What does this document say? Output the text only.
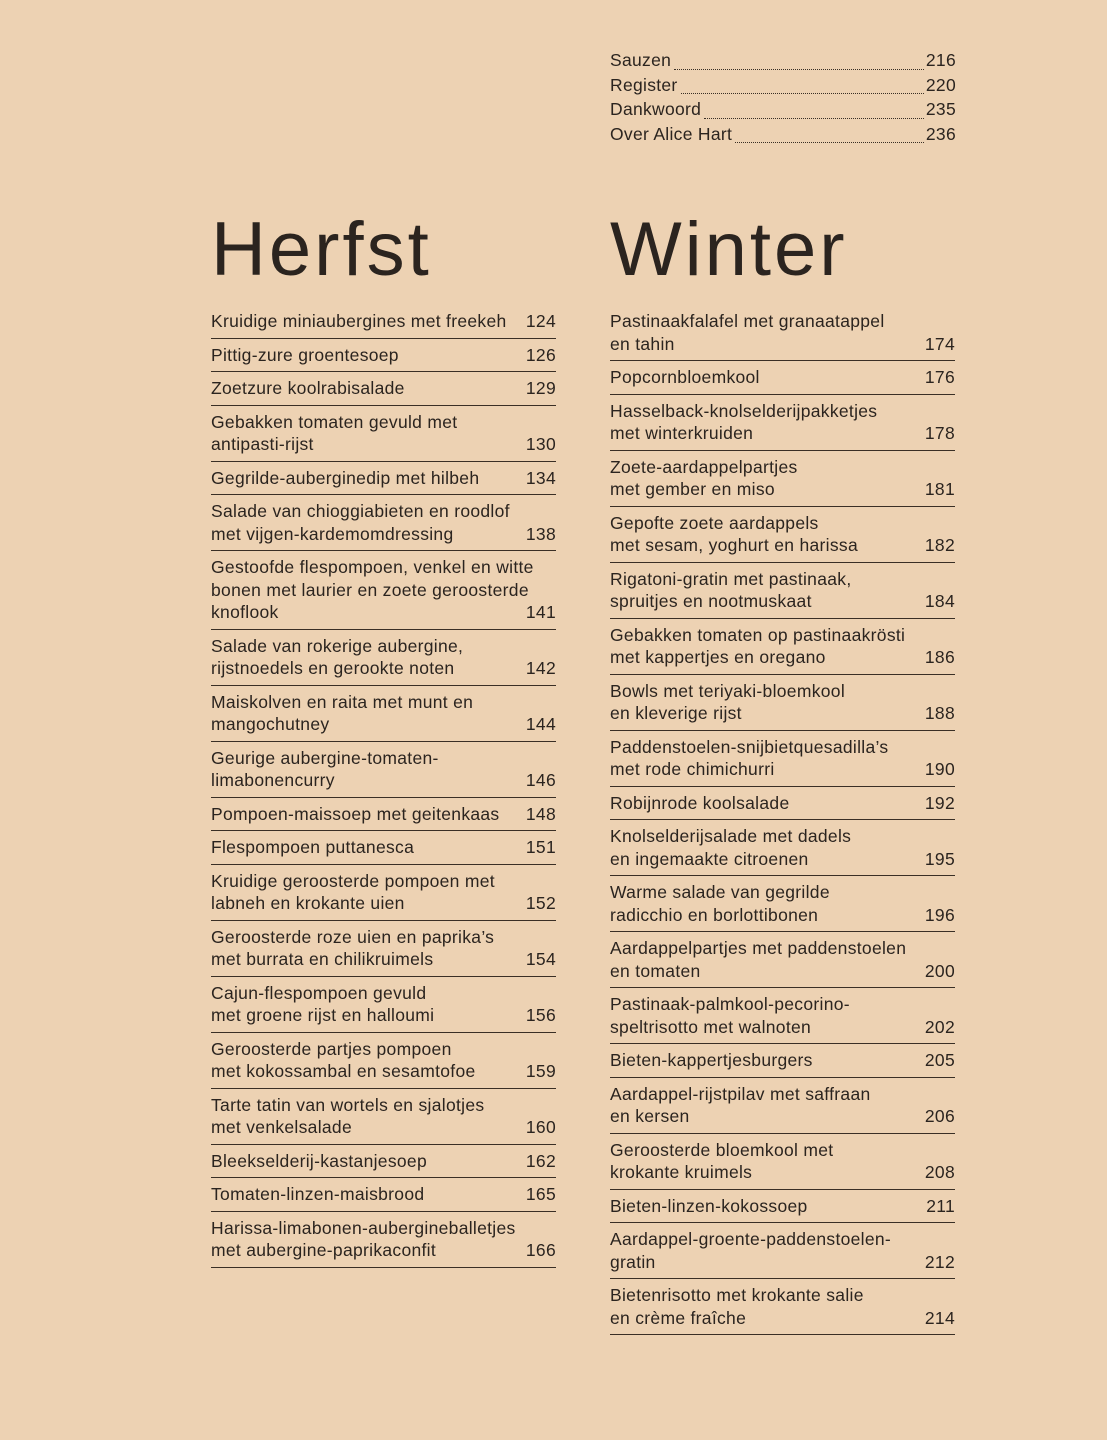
Sauzen	216
Register	220
Dankwoord	235
Over Alice Hart	236
Herfst
Kruidige miniaubergines met freekeh 124
Pittig-zure groentesoep	126
Zoetzure koolrabisalade	129
Gebakken tomaten gevuld met
antipasti-rijst	130
Gegrilde-auberginedip met hilbeh	134
Salade van chioggiabieten en roodlof
met vijgen-kardemomdressing	138
Gestoofde flespompoen, venkel en witte
bonen met laurier en zoete geroosterde
knoflook	141
Salade van rokerige aubergine,
rijstnoedels en gerookte noten	142
Maiskolven en raita met munt en
mangochutney	144
Geurige aubergine-tomaten-
limabonencurry	146
Pompoen-maissoep met geitenkaas 148
Flespompoen puttanesca	151
Kruidige geroosterde pompoen met
labneh en krokante uien	152
Geroosterde roze uien en paprika’s
met burrata en chilikruimels	154
Cajun-flespompoen gevuld
met groene rijst en halloumi	156
Geroosterde partjes pompoen
met kokossambal en sesamtofoe	159
Tarte tatin van wortels en sjalotjes
met venkelsalade	160
Bleekselderij-kastanjesoep	162
Tomaten-linzen-maisbrood	165
Harissa-limabonen-aubergineballetjes
met aubergine-paprikaconfit	166
Winter
Pastinaakfalafel met granaatappel
en tahin	174
Popcornbloemkool	176
Hasselback-knolselderijpakketjes
met winterkruiden	178
Zoete-aardappelpartjes
met gember en miso	181
Gepofte zoete aardappels
met sesam, yoghurt en harissa	182
Rigatoni-gratin met pastinaak,
spruitjes en nootmuskaat	184
Gebakken tomaten op pastinaakrösti
met kappertjes en oregano	186
Bowls met teriyaki-bloemkool
en kleverige rijst	188
Paddenstoelen-snijbietquesadilla’s
met rode chimichurri	190
Robijnrode koolsalade	192
Knolselderijsalade met dadels
en ingemaakte citroenen	195
Warme salade van gegrilde
radicchio en borlottibonen	196
Aardappelpartjes met paddenstoelen
en tomaten	200
Pastinaak-palmkool-pecorino-
speltrisotto met walnoten	202
Bieten-kappertjesburgers	205
Aardappel-rijstpilav met saffraan
en kersen	206
Geroosterde bloemkool met
krokante kruimels	208
Bieten-linzen-kokossoep	211
Aardappel-groente-paddenstoelen-
gratin	212
Bietenrisotto met krokante salie
en crème fraîche	214
